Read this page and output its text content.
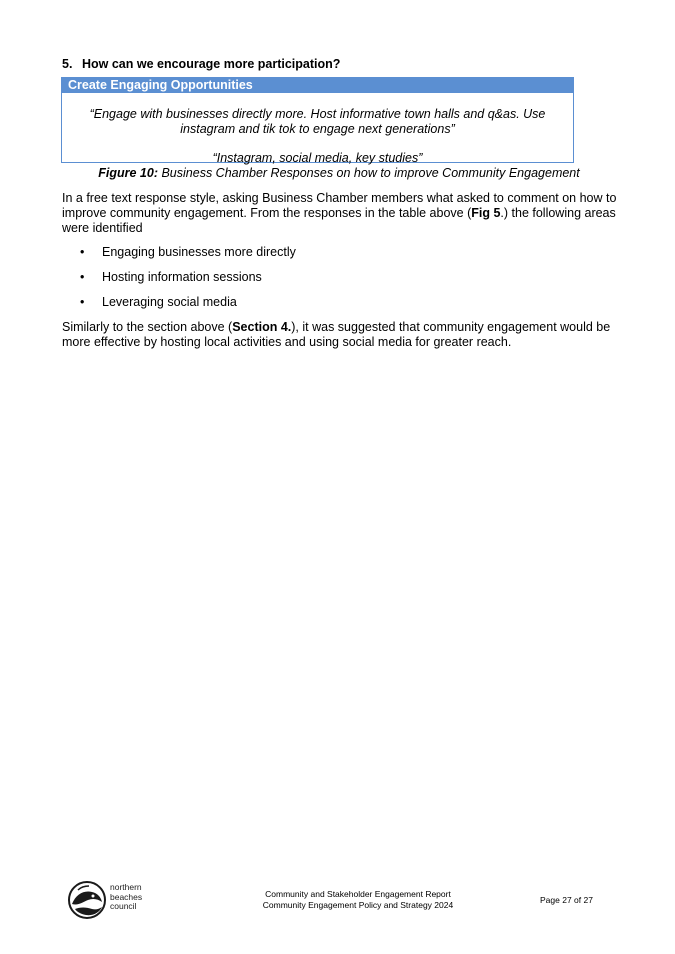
5. How can we encourage more participation?
Create Engaging Opportunities
“Engage with businesses directly more. Host informative town halls and q&as. Use
instagram and tik tok to engage next generations”
“Instagram, social media, key studies”
Figure 10: Business Chamber Responses on how to improve Community Engagement
In a free text response style, asking Business Chamber members what asked to comment on how to improve community engagement. From the responses in the table above (Fig 5.) the following areas were identified
• Engaging businesses more directly
• Hosting information sessions
• Leveraging social media
Similarly to the section above (Section 4.), it was suggested that community engagement would be more effective by hosting local activities and using social media for greater reach.
northern
beaches
council
Community and Stakeholder Engagement Report
Community Engagement Policy and Strategy 2024	Page 27 of 27
